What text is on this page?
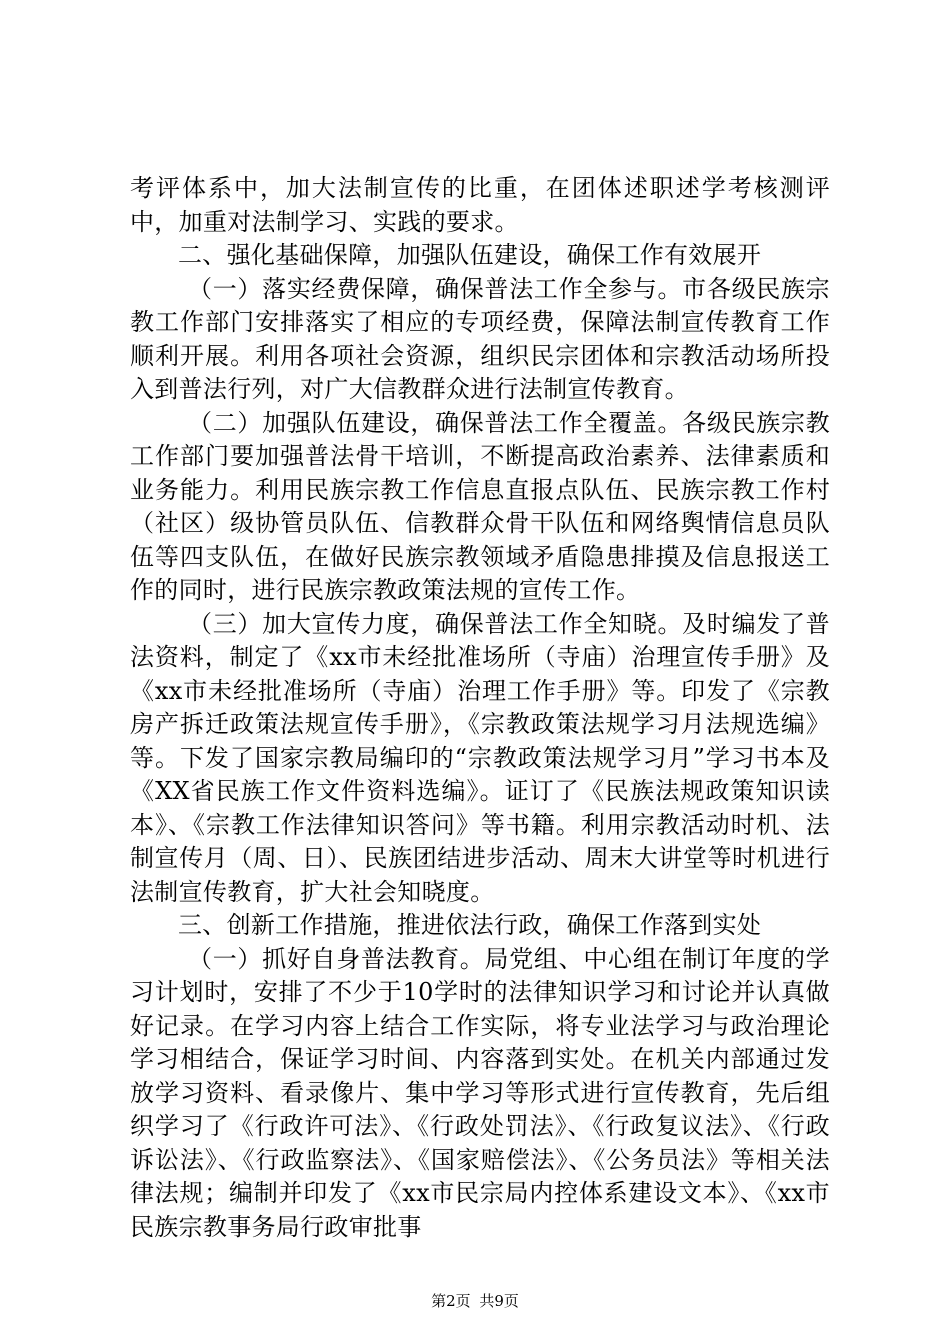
考评体系中，加大法制宣传的比重，在团体述职述学考核测评中，加重对法制学习、实践的要求。

二、强化基础保障，加强队伍建设，确保工作有效展开

（一）落实经费保障，确保普法工作全参与。市各级民族宗教工作部门安排落实了相应的专项经费，保障法制宣传教育工作顺利开展。利用各项社会资源，组织民宗团体和宗教活动场所投入到普法行列，对广大信教群众进行法制宣传教育。

（二）加强队伍建设，确保普法工作全覆盖。各级民族宗教工作部门要加强普法骨干培训，不断提高政治素养、法律素质和业务能力。利用民族宗教工作信息直报点队伍、民族宗教工作村（社区）级协管员队伍、信教群众骨干队伍和网络舆情信息员队伍等四支队伍，在做好民族宗教领域矛盾隐患排摸及信息报送工作的同时，进行民族宗教政策法规的宣传工作。

（三）加大宣传力度，确保普法工作全知晓。及时编发了普法资料，制定了《xx市未经批准场所（寺庙）治理宣传手册》及《xx市未经批准场所（寺庙）治理工作手册》等。印发了《宗教房产拆迁政策法规宣传手册》，《宗教政策法规学习月法规选编》等。下发了国家宗教局编印的“宗教政策法规学习月”学习书本及《XX省民族工作文件资料选编》。证订了《民族法规政策知识读本》、《宗教工作法律知识答问》等书籍。利用宗教活动时机、法制宣传月（周、日）、民族团结进步活动、周末大讲堂等时机进行法制宣传教育，扩大社会知晓度。

三、创新工作措施，推进依法行政，确保工作落到实处

（一）抓好自身普法教育。局党组、中心组在制订年度的学习计划时，安排了不少于10学时的法律知识学习和讨论并认真做好记录。在学习内容上结合工作实际，将专业法学习与政治理论学习相结合，保证学习时间、内容落到实处。在机关内部通过发放学习资料、看录像片、集中学习等形式进行宣传教育，先后组织学习了《行政许可法》、《行政处罚法》、《行政复议法》、《行政诉讼法》、《行政监察法》、《国家赔偿法》、《公务员法》等相关法律法规；编制并印发了《xx市民宗局内控体系建设文本》、《xx市民族宗教事务局行政审批事

第2页 共9页
